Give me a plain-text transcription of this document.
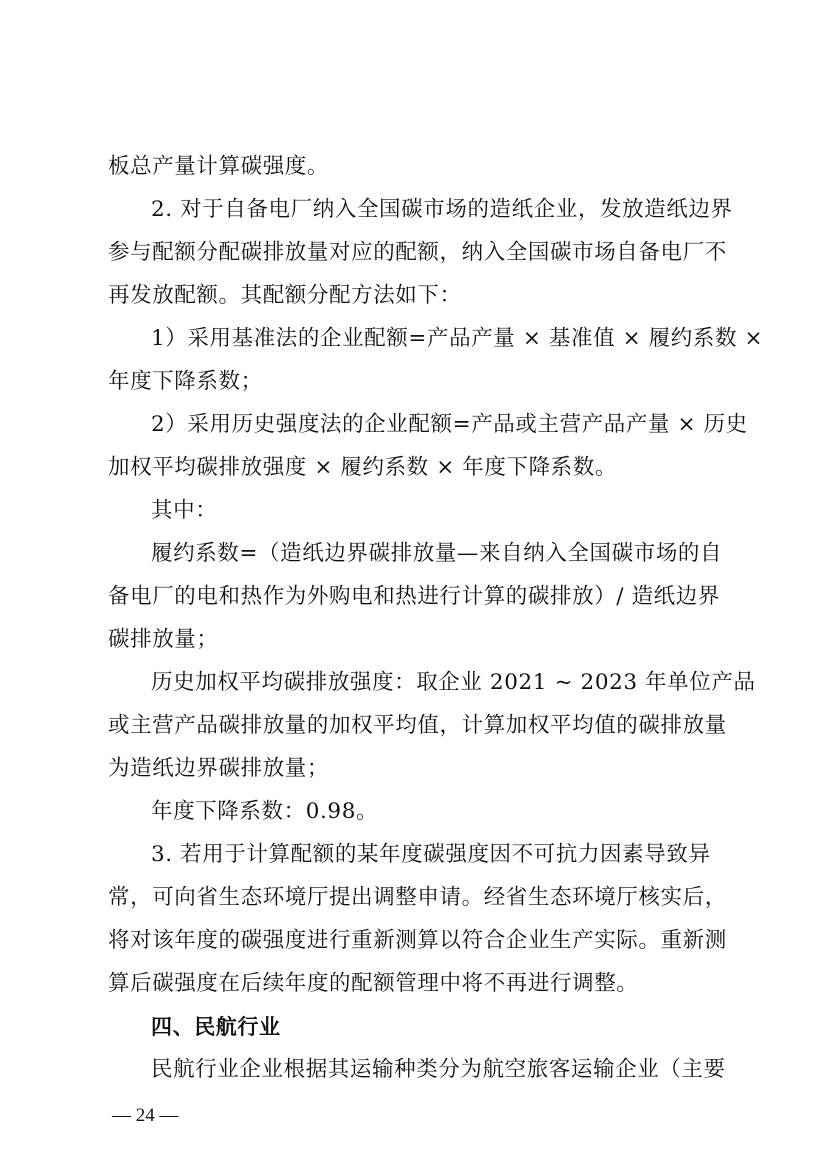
板总产量计算碳强度。
2. 对于自备电厂纳入全国碳市场的造纸企业，发放造纸边界
参与配额分配碳排放量对应的配额，纳入全国碳市场自备电厂不
再发放配额。其配额分配方法如下：
1）采用基准法的企业配额=产品产量 × 基准值 × 履约系数 ×
年度下降系数；
2）采用历史强度法的企业配额=产品或主营产品产量 × 历史
加权平均碳排放强度 × 履约系数 × 年度下降系数。
其中：
履约系数=（造纸边界碳排放量—来自纳入全国碳市场的自
备电厂的电和热作为外购电和热进行计算的碳排放）/ 造纸边界
碳排放量；
历史加权平均碳排放强度：取企业 2021 ~ 2023 年单位产品
或主营产品碳排放量的加权平均值，计算加权平均值的碳排放量
为造纸边界碳排放量；
年度下降系数：0.98。
3. 若用于计算配额的某年度碳强度因不可抗力因素导致异
常，可向省生态环境厅提出调整申请。经省生态环境厅核实后，
将对该年度的碳强度进行重新测算以符合企业生产实际。重新测
算后碳强度在后续年度的配额管理中将不再进行调整。
四、民航行业
民航行业企业根据其运输种类分为航空旅客运输企业（主要
— 24 —
